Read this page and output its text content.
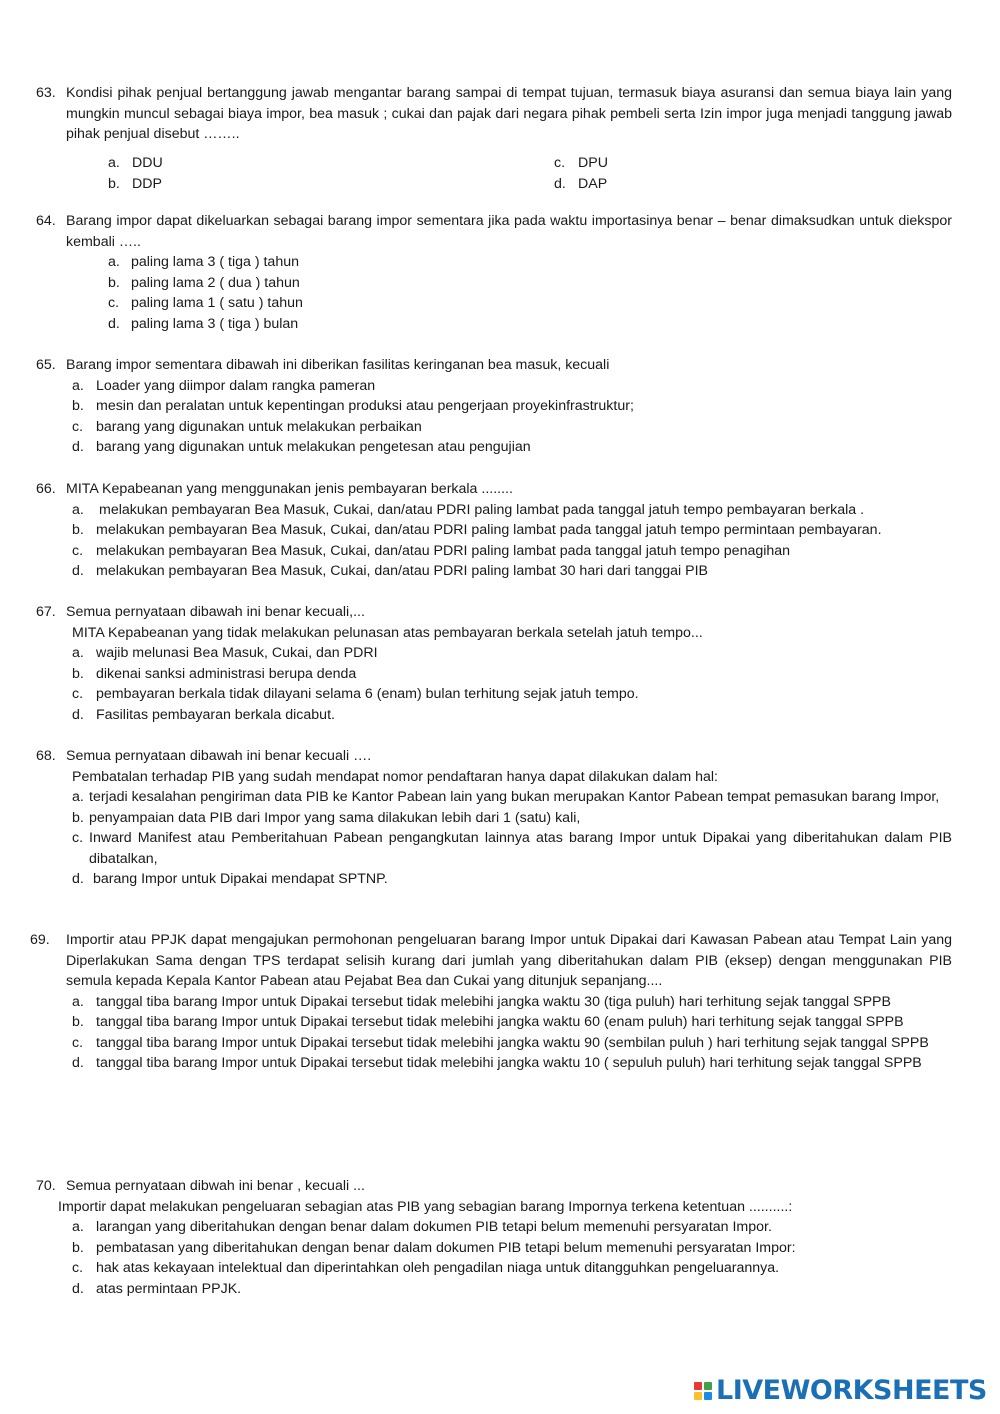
63. Kondisi pihak penjual bertanggung jawab mengantar barang sampai di tempat tujuan, termasuk biaya asuransi dan semua biaya lain yang mungkin muncul sebagai biaya impor, bea masuk ; cukai dan pajak dari negara pihak pembeli serta Izin impor juga menjadi tanggung jawab pihak penjual disebut ……..
a. DDU
b. DDP
c. DPU
d. DAP
64. Barang impor dapat dikeluarkan sebagai barang impor sementara jika pada waktu importasinya benar – benar dimaksudkan untuk diekspor kembali …..
a. paling lama 3 ( tiga ) tahun
b. paling lama 2 ( dua ) tahun
c. paling lama 1 ( satu ) tahun
d. paling lama 3 ( tiga ) bulan
65. Barang impor sementara dibawah ini diberikan fasilitas keringanan bea masuk, kecuali
a. Loader yang diimpor dalam rangka pameran
b. mesin dan peralatan untuk kepentingan produksi atau pengerjaan proyekinfrastruktur;
c. barang yang digunakan untuk melakukan perbaikan
d. barang yang digunakan untuk melakukan pengetesan atau pengujian
66. MITA Kepabeanan yang menggunakan jenis pembayaran berkala ........
a. melakukan pembayaran Bea Masuk, Cukai, dan/atau PDRI paling lambat pada tanggal jatuh tempo pembayaran berkala .
b. melakukan pembayaran Bea Masuk, Cukai, dan/atau PDRI paling lambat pada tanggal jatuh tempo permintaan pembayaran.
c. melakukan pembayaran Bea Masuk, Cukai, dan/atau PDRI paling lambat pada tanggal jatuh tempo penagihan
d. melakukan pembayaran Bea Masuk, Cukai, dan/atau PDRI paling lambat 30 hari dari tanggai PIB
67. Semua pernyataan dibawah ini benar kecuali,...
MITA Kepabeanan yang tidak melakukan pelunasan atas pembayaran berkala setelah jatuh tempo...
a. wajib melunasi Bea Masuk, Cukai, dan PDRI
b. dikenai sanksi administrasi berupa denda
c. pembayaran berkala tidak dilayani selama 6 (enam) bulan terhitung sejak jatuh tempo.
d. Fasilitas pembayaran berkala dicabut.
68. Semua pernyataan dibawah ini benar kecuali ….
Pembatalan terhadap PIB yang sudah mendapat nomor pendaftaran hanya dapat dilakukan dalam hal:
a. terjadi kesalahan pengiriman data PIB ke Kantor Pabean lain yang bukan merupakan Kantor Pabean tempat pemasukan barang Impor,
b. penyampaian data PIB dari Impor yang sama dilakukan lebih dari 1 (satu) kali,
c. Inward Manifest atau Pemberitahuan Pabean pengangkutan lainnya atas barang Impor untuk Dipakai yang diberitahukan dalam PIB dibatalkan,
d. barang Impor untuk Dipakai mendapat SPTNP.
69. Importir atau PPJK dapat mengajukan permohonan pengeluaran barang Impor untuk Dipakai dari Kawasan Pabean atau Tempat Lain yang Diperlakukan Sama dengan TPS terdapat selisih kurang dari jumlah yang diberitahukan dalam PIB (eksep) dengan menggunakan PIB semula kepada Kepala Kantor Pabean atau Pejabat Bea dan Cukai yang ditunjuk sepanjang....
a. tanggal tiba barang Impor untuk Dipakai tersebut tidak melebihi jangka waktu 30 (tiga puluh) hari terhitung sejak tanggal SPPB
b. tanggal tiba barang Impor untuk Dipakai tersebut tidak melebihi jangka waktu 60 (enam puluh) hari terhitung sejak tanggal SPPB
c. tanggal tiba barang Impor untuk Dipakai tersebut tidak melebihi jangka waktu 90 (sembilan puluh ) hari terhitung sejak tanggal SPPB
d. tanggal tiba barang Impor untuk Dipakai tersebut tidak melebihi jangka waktu 10 ( sepuluh puluh) hari terhitung sejak tanggal SPPB
70. Semua pernyataan dibwah ini benar , kecuali ...
Importir dapat melakukan pengeluaran sebagian atas PIB yang sebagian barang Impornya terkena ketentuan ..........:
a. larangan yang diberitahukan dengan benar dalam dokumen PIB tetapi belum memenuhi persyaratan Impor.
b. pembatasan yang diberitahukan dengan benar dalam dokumen PIB tetapi belum memenuhi persyaratan Impor:
c. hak atas kekayaan intelektual dan diperintahkan oleh pengadilan niaga untuk ditangguhkan pengeluarannya.
d. atas permintaan PPJK.
LIVEWORKSHEETS
